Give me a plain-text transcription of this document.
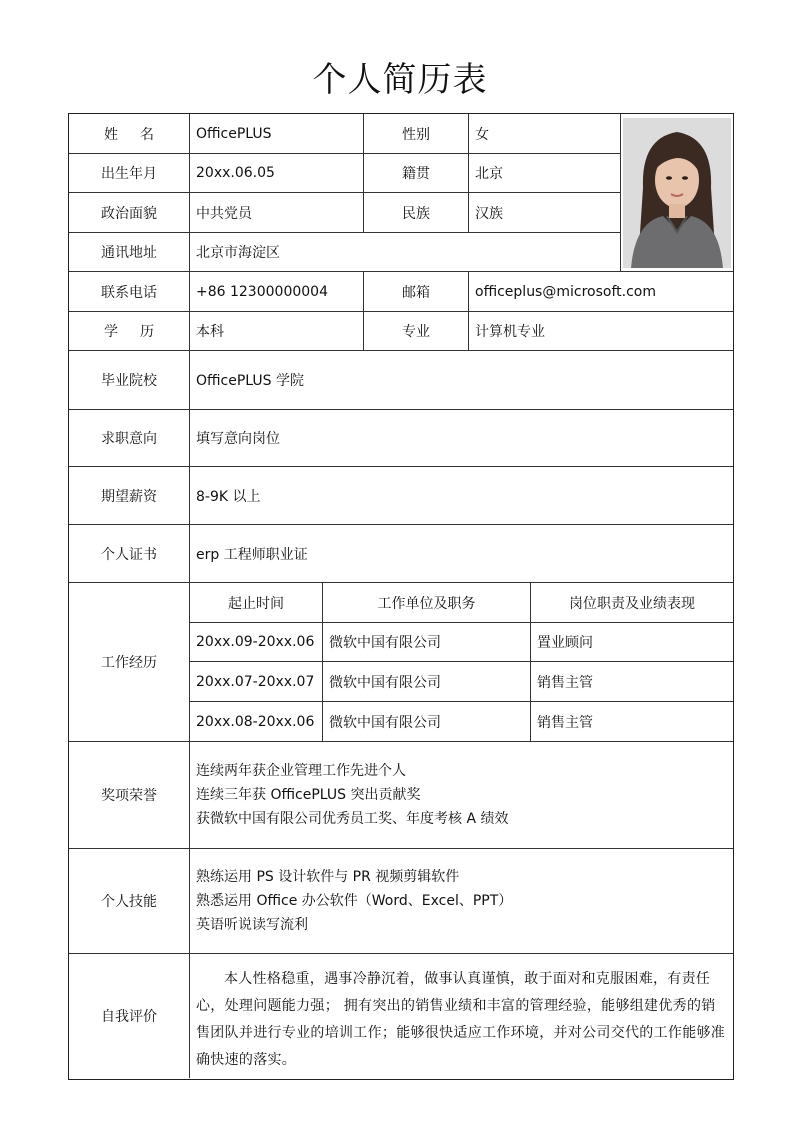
个人简历表
姓名	OfficePLUS	性别	女
出生年月	20xx.06.05	籍贯	北京
政治面貌	中共党员	民族	汉族
通讯地址	北京市海淀区
联系电话	+86 12300000004	邮箱	officeplus@microsoft.com
学历	本科	专业	计算机专业
毕业院校	OfficePLUS 学院
求职意向	填写意向岗位
期望薪资	8-9K 以上
个人证书	erp 工程师职业证
工作经历
起止时间	工作单位及职务	岗位职责及业绩表现
20xx.09-20xx.06	微软中国有限公司	置业顾问
20xx.07-20xx.07	微软中国有限公司	销售主管
20xx.08-20xx.06	微软中国有限公司	销售主管
奖项荣誉
连续两年获企业管理工作先进个人
连续三年获 OfficePLUS 突出贡献奖
获微软中国有限公司优秀员工奖、年度考核 A 绩效
个人技能
熟练运用 PS 设计软件与 PR 视频剪辑软件
熟悉运用 Office 办公软件（Word、Excel、PPT）
英语听说读写流利
自我评价
本人性格稳重，遇事冷静沉着，做事认真谨慎，敢于面对和克服困难，有责任心，处理问题能力强； 拥有突出的销售业绩和丰富的管理经验，能够组建优秀的销售团队并进行专业的培训工作；能够很快适应工作环境，并对公司交代的工作能够准确快速的落实。
